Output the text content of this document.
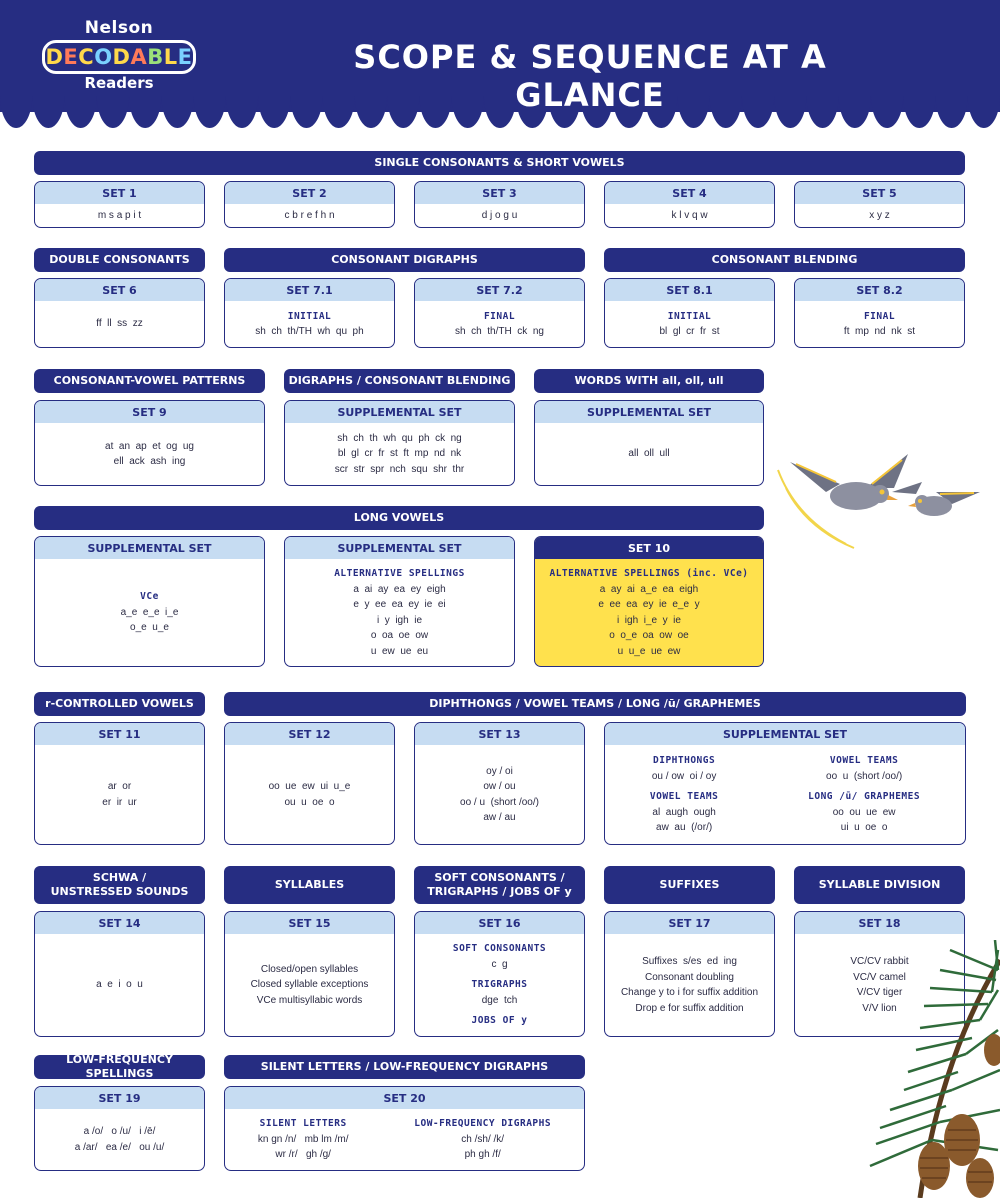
Nelson
D E C O D A B L E
Readers
SCOPE & SEQUENCE AT A GLANCE
SINGLE CONSONANTS & SHORT VOWELS
SET 1
m s a p i t
SET 2
c b r e f h n
SET 3
d j o g u
SET 4
k l v q w
SET 5
x y z
DOUBLE CONSONANTS	CONSONANT DIGRAPHS	CONSONANT BLENDING
SET 6
ff  ll  ss  zz
SET 7.1
INITIAL
sh  ch  th/TH  wh  qu  ph
SET 7.2
FINAL
sh  ch  th/TH  ck  ng
SET 8.1
INITIAL
bl  gl  cr  fr  st
SET 8.2
FINAL
ft  mp  nd  nk  st
CONSONANT-VOWEL PATTERNS	DIGRAPHS / CONSONANT BLENDING	WORDS WITH all, oll, ull
SET 9
at  an  ap  et  og  ug
ell  ack  ash  ing
SUPPLEMENTAL SET
sh  ch  th  wh  qu  ph  ck  ng
bl  gl  cr  fr  st  ft  mp  nd  nk
scr  str  spr  nch  squ  shr  thr
SUPPLEMENTAL SET
all  oll  ull
LONG VOWELS
SUPPLEMENTAL SET
VCe
a_e  e_e  i_e
o_e  u_e
SUPPLEMENTAL SET
ALTERNATIVE SPELLINGS
a  ai  ay  ea  ey  eigh
e  y  ee  ea  ey  ie  ei
i  y  igh  ie
o  oa  oe  ow
u  ew  ue  eu
SET 10
ALTERNATIVE SPELLINGS (inc. VCe)
a  ay  ai  a_e  ea  eigh
e  ee  ea  ey  ie  e_e  y
i  igh  i_e  y  ie
o  o_e  oa  ow  oe
u  u_e  ue  ew
r-CONTROLLED VOWELS	DIPHTHONGS / VOWEL TEAMS / LONG /ū/ GRAPHEMES
SET 11
ar  or
er  ir  ur
SET 12
oo  ue  ew  ui  u_e
ou  u  oe  o
SET 13
oy / oi
ow / ou
oo / u  (short /oo/)
aw / au
SUPPLEMENTAL SET
DIPHTHONGS
ou / ow  oi / oy
VOWEL TEAMS
al  augh  ough
aw  au  (/or/)
VOWEL TEAMS
oo  u  (short /oo/)
LONG /ū/ GRAPHEMES
oo  ou  ue  ew
ui  u  oe  o
SCHWA /
UNSTRESSED SOUNDS
SYLLABLES
SOFT CONSONANTS /
TRIGRAPHS / JOBS OF y
SUFFIXES	SYLLABLE DIVISION
SET 14
a  e  i  o  u
SET 15
Closed/open syllables
Closed syllable exceptions
VCe multisyllabic words
SET 16
SOFT CONSONANTS
c  g
TRIGRAPHS
dge  tch
JOBS OF y
SET 17
Suffixes  s/es  ed  ing
Consonant doubling
Change y to i for suffix addition
Drop e for suffix addition
SET 18
VC/CV rabbit
VC/V camel
V/CV tiger
V/V lion
LOW-FREQUENCY SPELLINGS
SILENT LETTERS / LOW-FREQUENCY DIGRAPHS
SET 19
a /o/   o /u/   i /ē/
a /ar/   ea /e/   ou /u/
SET 20
SILENT LETTERS
kn gn /n/   mb lm /m/
wr /r/   gh /g/
LOW-FREQUENCY DIGRAPHS
ch /sh/ /k/
ph gh /f/
